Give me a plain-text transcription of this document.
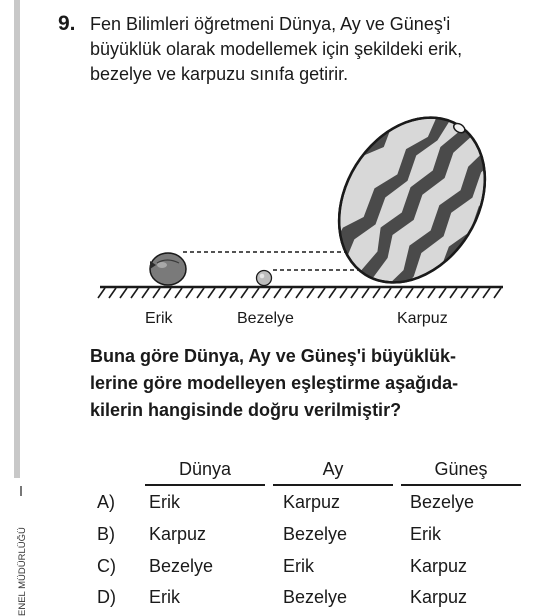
ENEL MÜDÜRLÜĞÜ
9. Fen Bilimleri öğretmeni Dünya, Ay ve Güneş'i
büyüklük olarak modellemek için şekildeki erik,
bezelye ve karpuzu sınıfa getirir.
Erik	Bezelye	Karpuz
Buna göre Dünya, Ay ve Güneş'i büyüklük-
lerine göre modelleyen eşleştirme aşağıda-
kilerin hangisinde doğru verilmiştir?
Dünya	Ay	Güneş
A) Erik	Karpuz	Bezelye
B) Karpuz	Bezelye	Erik
C) Bezelye	Erik	Karpuz
D) Erik	Bezelye	Karpuz
